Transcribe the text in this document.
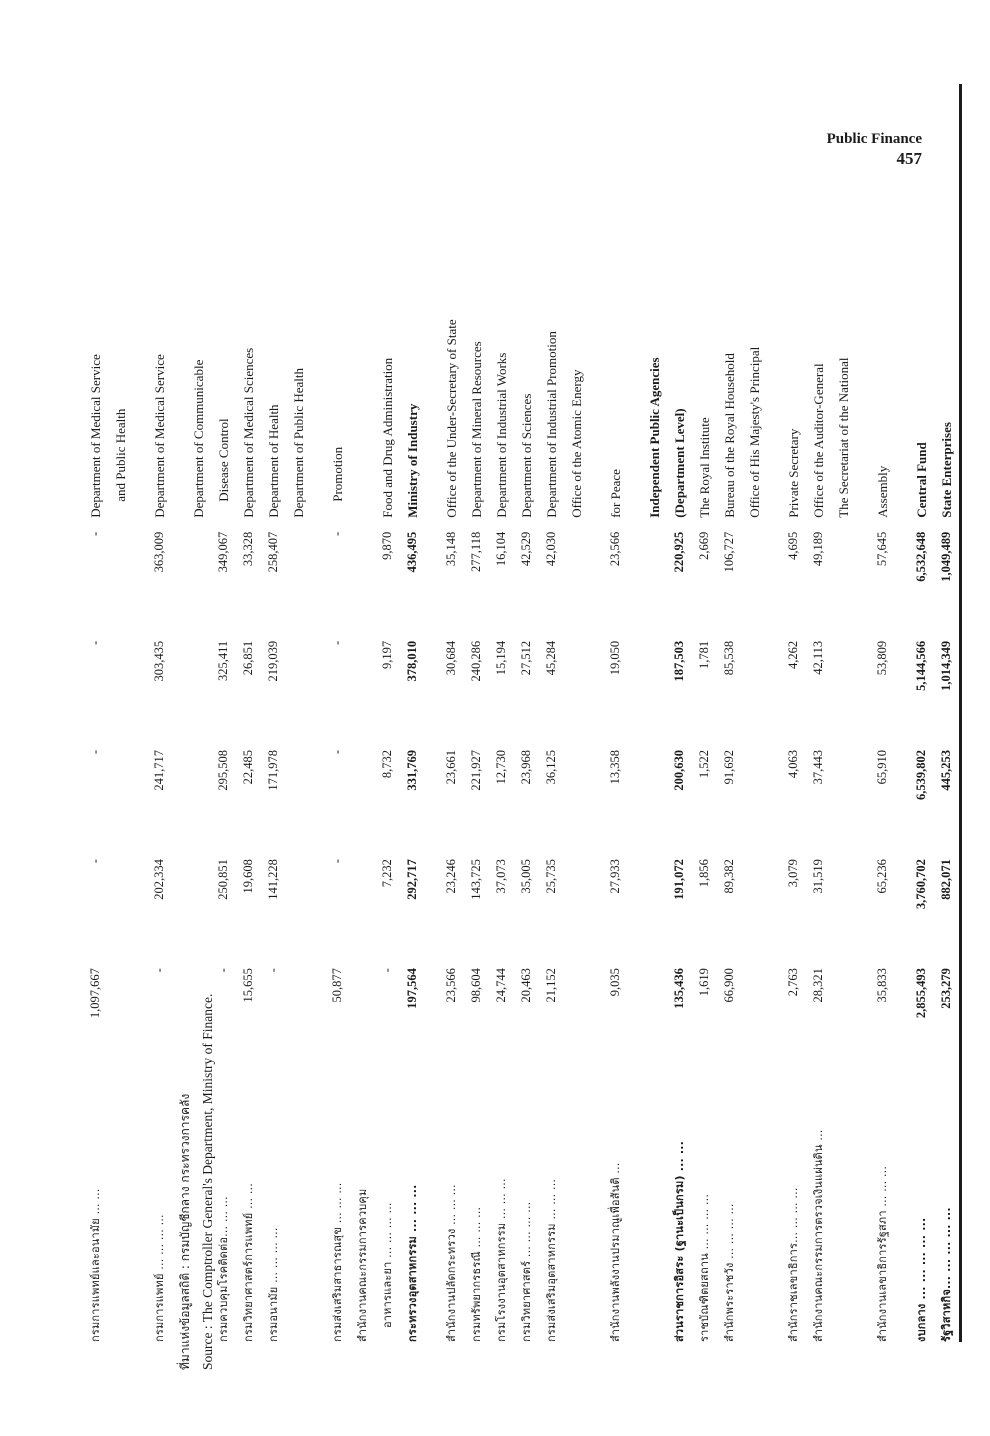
Public Finance
457
กรมการแพทย์และอนามัย ... ...	1,097,667	-	-	-	-	Department of Medical Service
						and Public Health

กรมการแพทย์ ... ... ... ...	-	202,334	241,717	303,435	363,009	Department of Medical Service

						Department of Communicable
กรมควบคุมโรคติดต่อ... ... ...	-	250,851	295,508	325,411	349,067	Disease Control
กรมวิทยาศาสตร์การแพทย์ ... ...	15,655	19,608	22,485	26,851	33,328	Department of Medical Sciences
กรมอนามัย ... ... ... ...	-	141,228	171,978	219,039	258,407	Department of Health
						Department of Public Health

กรมส่งเสริมสาธารณสุข ... ... ...	50,877	-	-	-	-	Promotion
สำนักงานคณะกรรมการควบคุม						
อาหารและยา ... ... ... ...	-	7,232	8,732	9,197	9,870	Food and Drug Administration
กระทรวงอุตสาหกรรม ... ... ...	197,564	292,717	331,769	378,010	436,495	Ministry of Industry

สำนักงานปลัดกระทรวง ... ... ...	23,566	23,246	23,661	30,684	35,148	Office of the Under-Secretary of State
กรมทรัพยากรธรณี ... ... ...	98,604	143,725	221,927	240,286	277,118	Department of Mineral Resources
กรมโรงงานอุตสาหกรรม ... ... ...	24,744	37,073	12,730	15,194	16,104	Department of Industrial Works
กรมวิทยาศาสตร์ ... ... ... ...	20,463	35,005	23,968	27,512	42,529	Department of Sciences
กรมส่งเสริมอุตสาหกรรม ... ... ...	21,152	25,735	36,125	45,284	42,030	Department of Industrial Promotion
						Office of the Atomic Energy

สำนักงานพลังงานปรมาณูเพื่อสันติ ...	9,035	27,933	13,358	19,050	23,566	for Peace

						Independent Public Agencies
ส่วนราชการอิสระ (ฐานะเป็นกรม) ... ...	135,436	191,072	200,630	187,503	220,925	(Department Level)
ราชบัณฑิตยสถาน ... ... ... ...	1,619	1,856	1,522	1,781	2,669	The Royal Institute
สำนักพระราชวัง ... ... ... ...	66,900	89,382	91,692	85,538	106,727	Bureau of the Royal Household
						Office of His Majesty's Principal

สำนักราชเลขาธิการ... ... ... ...	2,763	3,079	4,063	4,262	4,695	Private Secretary
สำนักงานคณะกรรมการตรวจเงินแผ่นดิน ...	28,321	31,519	37,443	42,113	49,189	Office of the Auditor-General
						The Secretariat of the National

สำนักงานเลขาธิการรัฐสภา ... ... ...	35,833	65,236	65,910	53,809	57,645	Assembly

งบกลาง ... ... ... ... ...	2,855,493	3,760,702	6,539,802	5,144,566	6,532,648	Central Fund
รัฐวิสาหกิจ... ... ... ... ...	253,279	882,071	445,253	1,014,349	1,049,489	State Enterprises

ที่มาแห่งข้อมูลสถิติ : กรมบัญชีกลาง กระทรวงการคลัง Source : The Comptroller General's Department, Ministry of Finance.
